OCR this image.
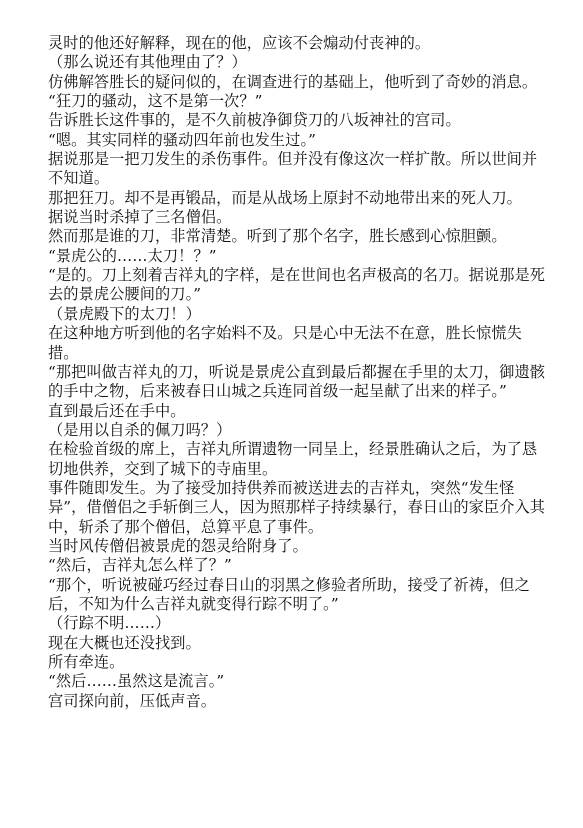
灵时的他还好解释，现在的他，应该不会煽动付丧神的。

（那么说还有其他理由了？）

仿佛解答胜长的疑问似的，在调查进行的基础上，他听到了奇妙的消息。

“狂刀的骚动，这不是第一次？”

告诉胜长这件事的，是不久前柀净御贷刀的八坂神社的宫司。

“嗯。其实同样的骚动四年前也发生过。”

据说那是一把刀发生的杀伤事件。但并没有像这次一样扩散。所以世间并不知道。

那把狂刀。却不是再锻品，而是从战场上原封不动地带出来的死人刀。

据说当时杀掉了三名僧侣。

然而那是谁的刀，非常清楚。听到了那个名字，胜长感到心惊胆颤。

“景虎公的……太刀！？”

“是的。刀上刻着吉祥丸的字样，是在世间也名声极高的名刀。据说那是死去的景虎公腰间的刀。”

（景虎殿下的太刀！）

在这种地方听到他的名字始料不及。只是心中无法不在意，胜长惊慌失措。

“那把叫做吉祥丸的刀，听说是景虎公直到最后都握在手里的太刀，御遗骸的手中之物，后来被春日山城之兵连同首级一起呈献了出来的样子。”

直到最后还在手中。

（是用以自杀的佩刀吗？）

在检验首级的席上，吉祥丸所谓遗物一同呈上，经景胜确认之后，为了恳切地供养，交到了城下的寺庙里。

事件随即发生。为了接受加持供养而被送进去的吉祥丸，突然“发生怪异”，借僧侣之手斩倒三人，因为照那样子持续暴行，春日山的家臣介入其中，斩杀了那个僧侣，总算平息了事件。

当时风传僧侣被景虎的怨灵给附身了。

“然后，吉祥丸怎么样了？”

“那个，听说被碰巧经过春日山的羽黑之修验者所助，接受了祈祷，但之后，不知为什么吉祥丸就变得行踪不明了。”

（行踪不明……）

现在大概也还没找到。

所有牵连。

“然后……虽然这是流言。”

宫司探向前，压低声音。
